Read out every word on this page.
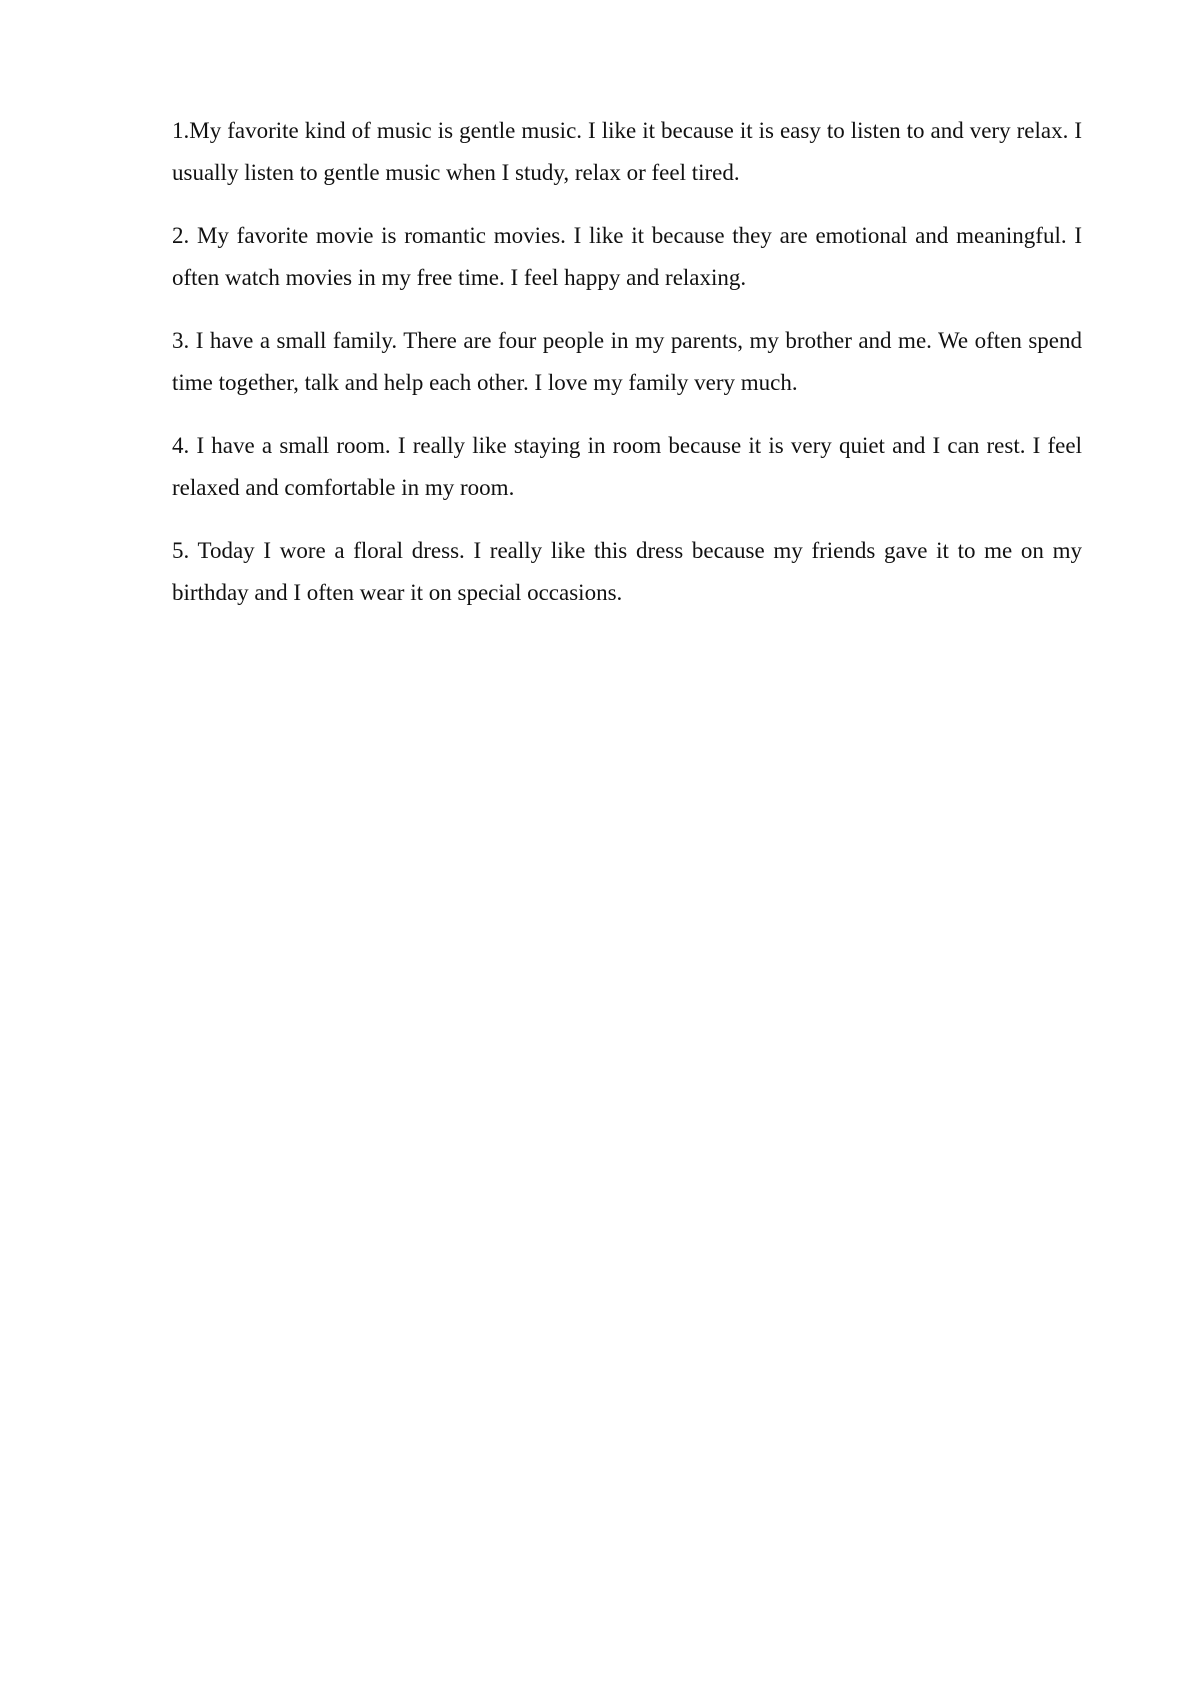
1.My favorite kind of music is gentle music. I like it because it is easy to listen to and very relax. I usually listen to gentle music when I study, relax or feel tired.

2. My favorite movie is romantic movies. I like it because they are emotional and meaningful. I often watch movies in my free time. I feel happy and relaxing.

3. I have a small family. There are four people in my parents, my brother and me. We often spend time together, talk and help each other. I love my family very much.

4. I have a small room. I really like staying in room because it is very quiet and I can rest. I feel relaxed and comfortable in my room.

5. Today I wore a floral dress. I really like this dress because my friends gave it to me on my birthday and I often wear it on special occasions.
